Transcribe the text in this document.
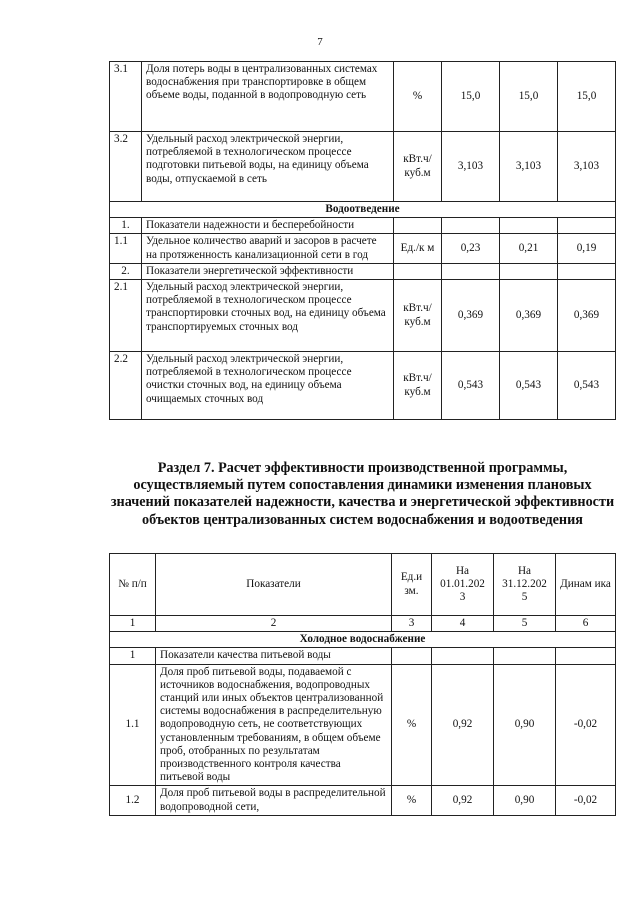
7
3.1	Доля потерь воды в централизованных системах водоснабжения при транспортировке в общем объеме воды, поданной в водопроводную сеть	%	15,0	15,0	15,0
3.2	Удельный расход электрической энергии, потребляемой в технологическом процессе подготовки питьевой воды, на единицу объема воды, отпускаемой в сеть	кВт.ч/ куб.м	3,103	3,103	3,103
Водоотведение					
1.	Показатели надежности и бесперебойности				
1.1	Удельное количество аварий и засоров в расчете на протяженность канализационной сети в год	Ед./к м	0,23	0,21	0,19
2.	Показатели энергетической эффективности				
2.1	Удельный расход электрической энергии, потребляемой в технологическом процессе транспортировки сточных вод, на единицу объема транспортируемых сточных вод	кВт.ч/ куб.м	0,369	0,369	0,369
2.2	Удельный расход электрической энергии, потребляемой в технологическом процессе очистки сточных вод, на единицу объема очищаемых сточных вод	кВт.ч/ куб.м	0,543	0,543	0,543
Раздел 7. Расчет эффективности производственной программы, осуществляемый путем сопоставления динамики изменения плановых значений показателей надежности, качества и энергетической эффективности объектов централизованных систем водоснабжения и водоотведения
№ п/п	Показатели	Ед.и зм.	На 01.01.202 3	На 31.12.202 5	Динам ика
1	2	3	4	5	6
Холодное водоснабжение					
1	Показатели качества питьевой воды				
1.1	Доля проб питьевой воды, подаваемой с источников водоснабжения, водопроводных станций или иных объектов централизованной системы водоснабжения в распределительную водопроводную сеть, не соответствующих установленным требованиям, в общем объеме проб, отобранных по результатам производственного контроля качества питьевой воды	%	0,92	0,90	-0,02
1.2	Доля проб питьевой воды в распределительной водопроводной сети,	%	0,92	0,90	-0,02
